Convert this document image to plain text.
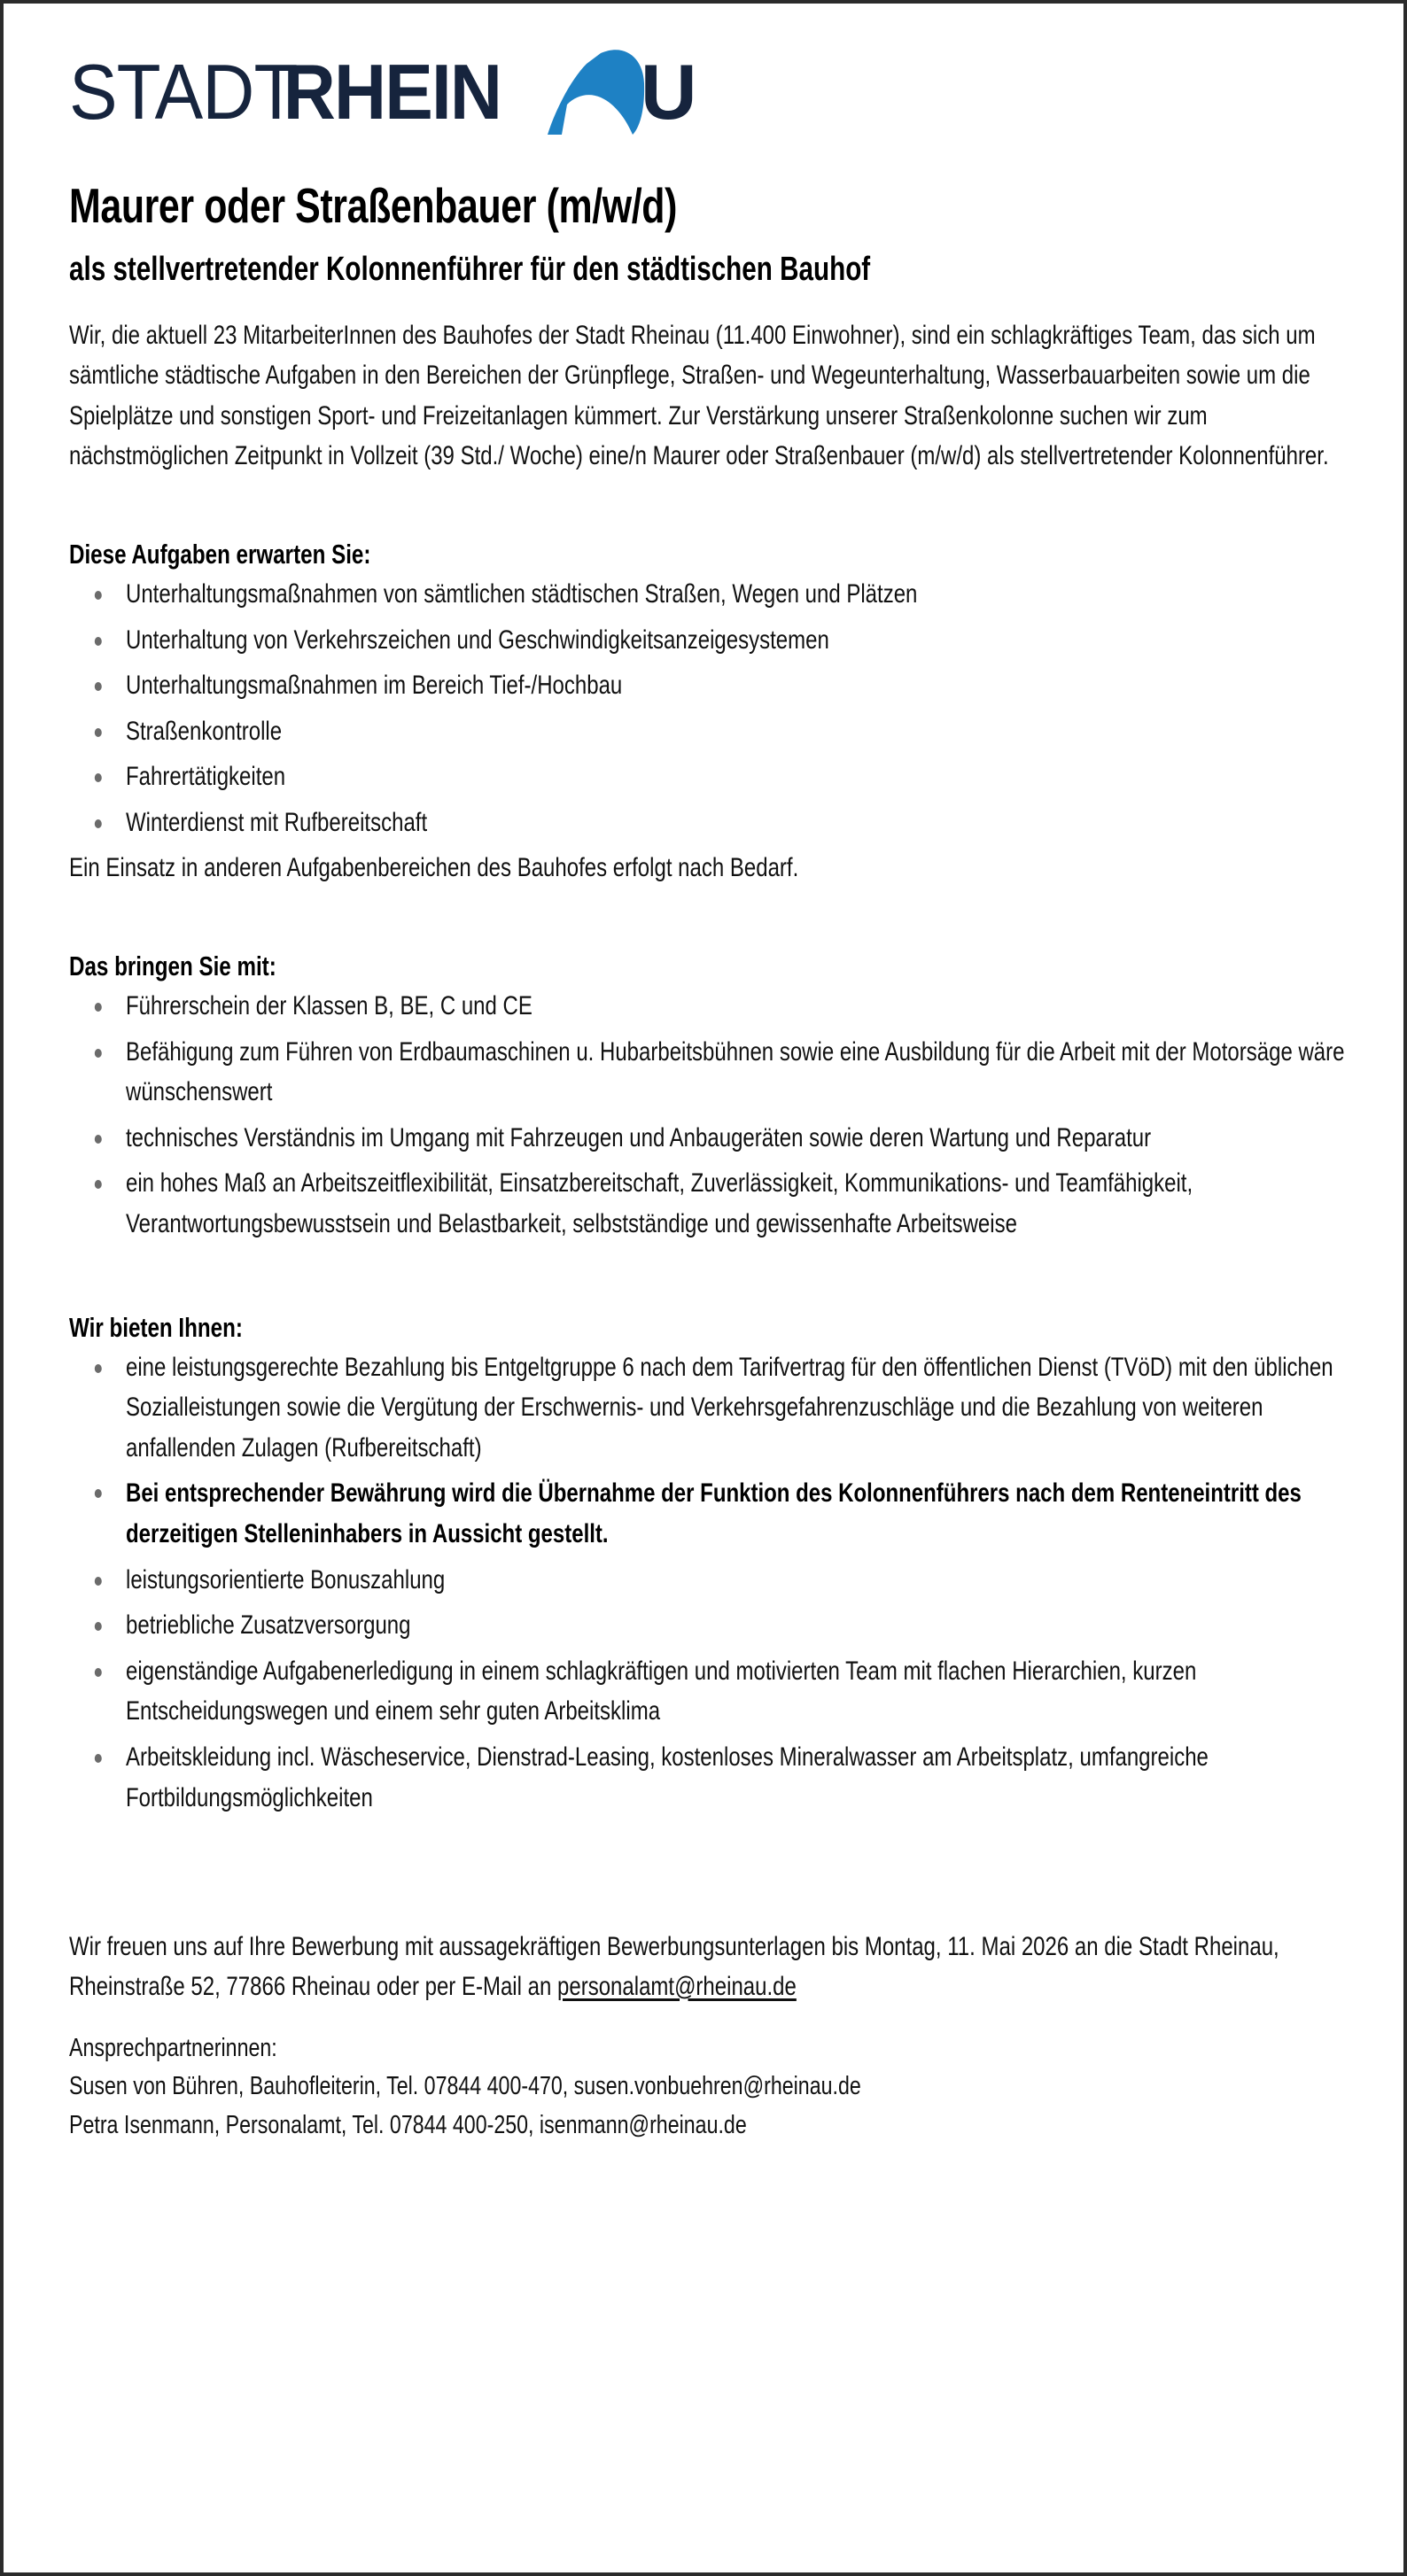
STADT
RHEIN U
Maurer oder Straßenbauer (m/w/d)
als stellvertretender Kolonnenführer für den städtischen Bauhof
Wir, die aktuell 23 MitarbeiterInnen des Bauhofes der Stadt Rheinau (11.400 Einwohner), sind ein schlagkräftiges Team, das sich um sämtliche städtische Aufgaben in den Bereichen der Grünpflege, Straßen- und Wegeunterhaltung, Wasserbauarbeiten sowie um die Spielplätze und sonstigen Sport- und Freizeitanlagen kümmert. Zur Verstärkung unserer Straßenkolonne suchen wir zum nächstmöglichen Zeitpunkt in Vollzeit (39 Std./ Woche) eine/n Maurer oder Straßenbauer (m/w/d) als stellvertretender Kolonnenführer.
Diese Aufgaben erwarten Sie:
Unterhaltungsmaßnahmen von sämtlichen städtischen Straßen, Wegen und Plätzen
Unterhaltung von Verkehrszeichen und Geschwindigkeitsanzeigesystemen
Unterhaltungsmaßnahmen im Bereich Tief-/Hochbau
Straßenkontrolle
Fahrertätigkeiten
Winterdienst mit Rufbereitschaft
Ein Einsatz in anderen Aufgabenbereichen des Bauhofes erfolgt nach Bedarf.
Das bringen Sie mit:
Führerschein der Klassen B, BE, C und CE
Befähigung zum Führen von Erdbaumaschinen u. Hubarbeitsbühnen sowie eine Ausbildung für die Arbeit mit der Motorsäge wäre wünschenswert
technisches Verständnis im Umgang mit Fahrzeugen und Anbaugeräten sowie deren Wartung und Reparatur
ein hohes Maß an Arbeitszeitflexibilität, Einsatzbereitschaft, Zuverlässigkeit, Kommunikations- und Teamfähigkeit, Verantwortungsbewusstsein und Belastbarkeit, selbstständige und gewissenhafte Arbeitsweise
Wir bieten Ihnen:
eine leistungsgerechte Bezahlung bis Entgeltgruppe 6 nach dem Tarifvertrag für den öffentlichen Dienst (TVöD) mit den üblichen Sozialleistungen sowie die Vergütung der Erschwernis- und Verkehrsgefahrenzuschläge und die Bezahlung von weiteren anfallenden Zulagen (Rufbereitschaft)
Bei entsprechender Bewährung wird die Übernahme der Funktion des Kolonnenführers nach dem Renteneintritt des derzeitigen Stelleninhabers in Aussicht gestellt.
leistungsorientierte Bonuszahlung
betriebliche Zusatzversorgung
eigenständige Aufgabenerledigung in einem schlagkräftigen und motivierten Team mit flachen Hierarchien, kurzen Entscheidungswegen und einem sehr guten Arbeitsklima
Arbeitskleidung incl. Wäscheservice, Dienstrad-Leasing, kostenloses Mineralwasser am Arbeitsplatz, umfangreiche Fortbildungsmöglichkeiten
Wir freuen uns auf Ihre Bewerbung mit aussagekräftigen Bewerbungsunterlagen bis Montag, 11. Mai 2026 an die Stadt Rheinau, Rheinstraße 52, 77866 Rheinau oder per E-Mail an personalamt@rheinau.de
Ansprechpartnerinnen:
Susen von Bühren, Bauhofleiterin, Tel. 07844 400-470, susen.vonbuehren@rheinau.de
Petra Isenmann, Personalamt, Tel. 07844 400-250, isenmann@rheinau.de
